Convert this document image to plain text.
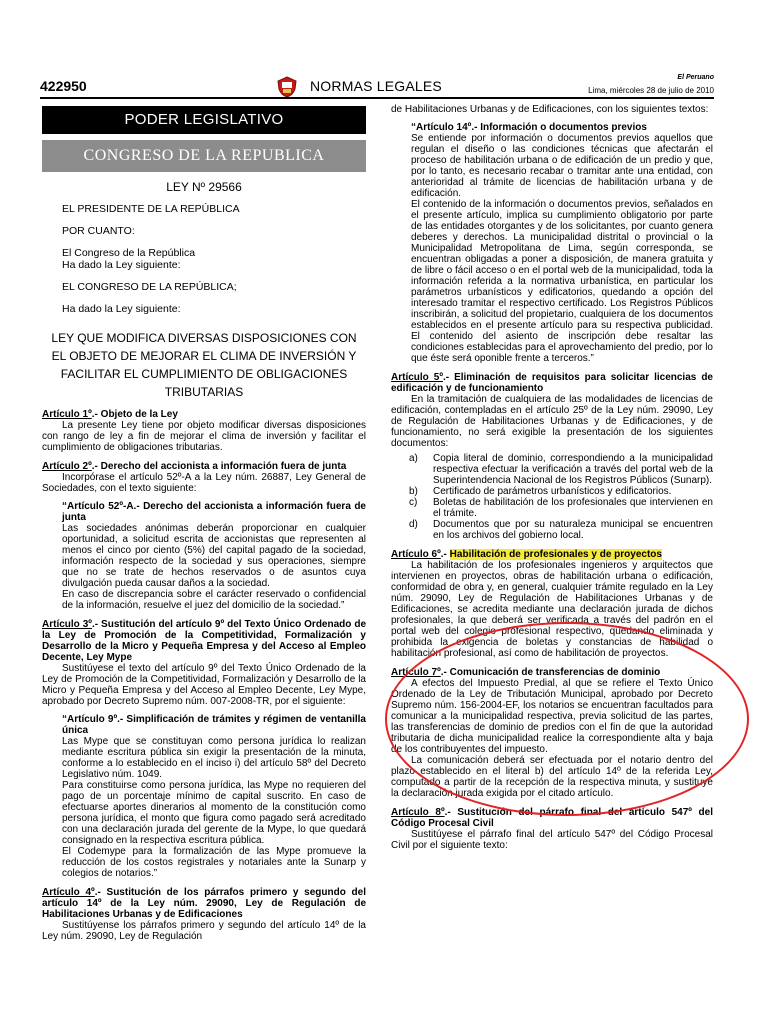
422950	NORMAS LEGALES
El Peruano
Lima, miércoles 28 de julio de 2010
PODER LEGISLATIVO
CONGRESO DE LA REPUBLICA
LEY Nº 29566
EL PRESIDENTE DE LA REPÚBLICA
POR CUANTO:
El Congreso de la República
Ha dado la Ley siguiente:
EL CONGRESO DE LA REPÚBLICA;
Ha dado la Ley siguiente:
LEY QUE MODIFICA DIVERSAS DISPOSICIONES CON EL OBJETO DE MEJORAR EL CLIMA DE INVERSIÓN Y FACILITAR EL CUMPLIMIENTO DE OBLIGACIONES TRIBUTARIAS
Artículo 1º.- Objeto de la Ley
La presente Ley tiene por objeto modificar diversas disposiciones con rango de ley a fin de mejorar el clima de inversión y facilitar el cumplimiento de obligaciones tributarias.
Artículo 2º.- Derecho del accionista a información fuera de junta
Incorpórase el artículo 52º-A a la Ley núm. 26887, Ley General de Sociedades, con el texto siguiente:
“Artículo 52º-A.- Derecho del accionista a información fuera de junta
Las sociedades anónimas deberán proporcionar en cualquier oportunidad, a solicitud escrita de accionistas que representen al menos el cinco por ciento (5%) del capital pagado de la sociedad, información respecto de la sociedad y sus operaciones, siempre que no se trate de hechos reservados o de asuntos cuya divulgación pueda causar daños a la sociedad.
En caso de discrepancia sobre el carácter reservado o confidencial de la información, resuelve el juez del domicilio de la sociedad.”
Artículo 3º.- Sustitución del artículo 9º del Texto Único Ordenado de la Ley de Promoción de la Competitividad, Formalización y Desarrollo de la Micro y Pequeña Empresa y del Acceso al Empleo Decente, Ley Mype
Sustitúyese el texto del artículo 9º del Texto Único Ordenado de la Ley de Promoción de la Competitividad, Formalización y Desarrollo de la Micro y Pequeña Empresa y del Acceso al Empleo Decente, Ley Mype, aprobado por Decreto Supremo núm. 007-2008-TR, por el siguiente:
“Artículo 9º.- Simplificación de trámites y régimen de ventanilla única
Las Mype que se constituyan como persona jurídica lo realizan mediante escritura pública sin exigir la presentación de la minuta, conforme a lo establecido en el inciso i) del artículo 58º del Decreto Legislativo núm. 1049.
Para constituirse como persona jurídica, las Mype no requieren del pago de un porcentaje mínimo de capital suscrito. En caso de efectuarse aportes dinerarios al momento de la constitución como persona jurídica, el monto que figura como pagado será acreditado con una declaración jurada del gerente de la Mype, lo que quedará consignado en la respectiva escritura pública.
El Codemype para la formalización de las Mype promueve la reducción de los costos registrales y notariales ante la Sunarp y colegios de notarios.”
Artículo 4º.- Sustitución de los párrafos primero y segundo del artículo 14º de la Ley núm. 29090, Ley de Regulación de Habilitaciones Urbanas y de Edificaciones
Sustitúyense los párrafos primero y segundo del artículo 14º de la Ley núm. 29090, Ley de Regulación
de Habilitaciones Urbanas y de Edificaciones, con los siguientes textos:
“Artículo 14º.- Información o documentos previos
Se entiende por información o documentos previos aquellos que regulan el diseño o las condiciones técnicas que afectarán el proceso de habilitación urbana o de edificación de un predio y que, por lo tanto, es necesario recabar o tramitar ante una entidad, con anterioridad al trámite de licencias de habilitación urbana y de edificación.
El contenido de la información o documentos previos, señalados en el presente artículo, implica su cumplimiento obligatorio por parte de las entidades otorgantes y de los solicitantes, por cuanto genera deberes y derechos. La municipalidad distrital o provincial o la Municipalidad Metropolitana de Lima, según corresponda, se encuentran obligadas a poner a disposición, de manera gratuita y de libre o fácil acceso o en el portal web de la municipalidad, toda la información referida a la normativa urbanística, en particular los parámetros urbanísticos y edificatorios, quedando a opción del interesado tramitar el respectivo certificado. Los Registros Públicos inscribirán, a solicitud del propietario, cualquiera de los documentos establecidos en el presente artículo para su respectiva publicidad. El contenido del asiento de inscripción debe resaltar las condiciones establecidas para el aprovechamiento del predio, por lo que éste será oponible frente a terceros.”
Artículo 5º.- Eliminación de requisitos para solicitar licencias de edificación y de funcionamiento
En la tramitación de cualquiera de las modalidades de licencias de edificación, contempladas en el artículo 25º de la Ley núm. 29090, Ley de Regulación de Habilitaciones Urbanas y de Edificaciones, y de funcionamiento, no será exigible la presentación de los siguientes documentos:
a)	Copia literal de dominio, correspondiendo a la municipalidad respectiva efectuar la verificación a través del portal web de la Superintendencia Nacional de los Registros Públicos (Sunarp).
b)	Certificado de parámetros urbanísticos y edificatorios.
c)	Boletas de habilitación de los profesionales que intervienen en el trámite.
d)	Documentos que por su naturaleza municipal se encuentren en los archivos del gobierno local.
Artículo 6º.- Habilitación de profesionales y de proyectos
La habilitación de los profesionales ingenieros y arquitectos que intervienen en proyectos, obras de habilitación urbana o edificación, conformidad de obra y, en general, cualquier trámite regulado en la Ley núm. 29090, Ley de Regulación de Habilitaciones Urbanas y de Edificaciones, se acredita mediante una declaración jurada de dichos profesionales, la que deberá ser verificada a través del padrón en el portal web del colegio profesional respectivo, quedando eliminada y prohibida la exigencia de boletas y constancias de habilidad o habilitación profesional, así como de habilitación de proyectos.
Artículo 7º.- Comunicación de transferencias de dominio
A efectos del Impuesto Predial, al que se refiere el Texto Único Ordenado de la Ley de Tributación Municipal, aprobado por Decreto Supremo núm. 156-2004-EF, los notarios se encuentran facultados para comunicar a la municipalidad respectiva, previa solicitud de las partes, las transferencias de dominio de predios con el fin de que la autoridad tributaria de dicha municipalidad realice la correspondiente alta y baja de los contribuyentes del impuesto.
La comunicación deberá ser efectuada por el notario dentro del plazo establecido en el literal b) del artículo 14º de la referida Ley, computado a partir de la recepción de la respectiva minuta, y sustituye la declaración jurada exigida por el citado artículo.
Artículo 8º.- Sustitución del párrafo final del artículo 547º del Código Procesal Civil
Sustitúyese el párrafo final del artículo 547º del Código Procesal Civil por el siguiente texto:
